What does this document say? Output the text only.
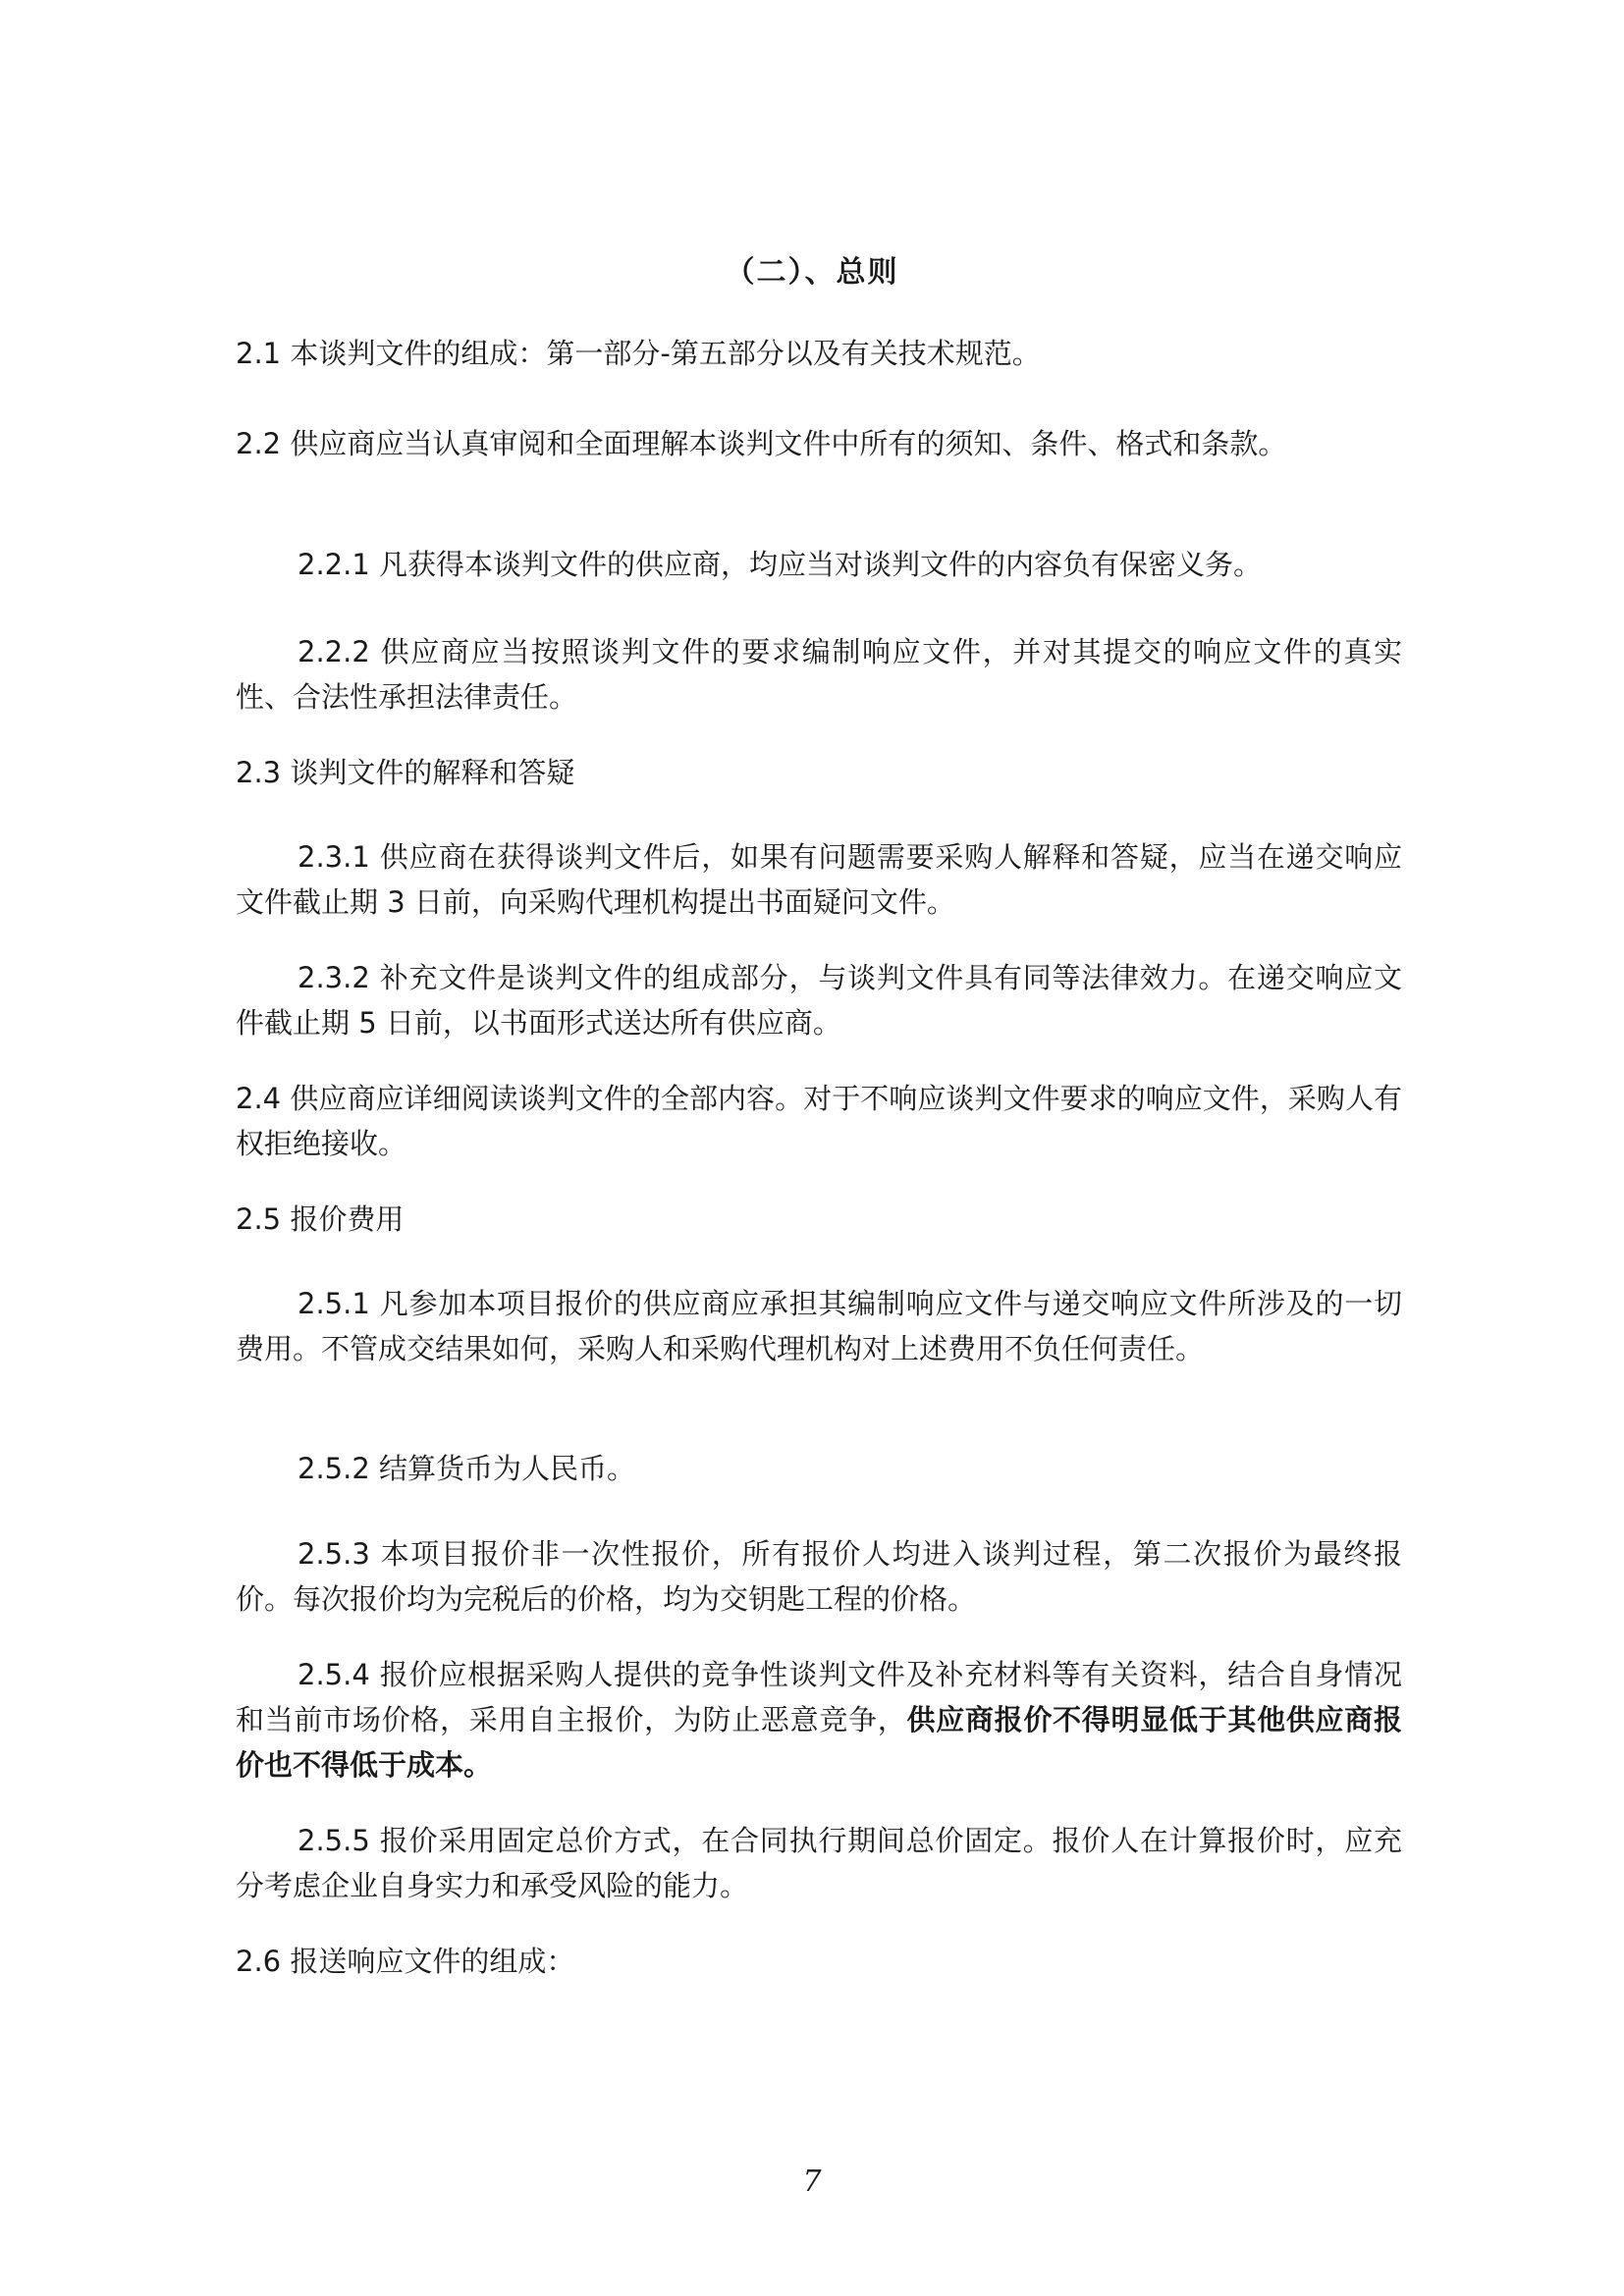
（二）、总则
2.1 本谈判文件的组成：第一部分-第五部分以及有关技术规范。
2.2 供应商应当认真审阅和全面理解本谈判文件中所有的须知、条件、格式和条款。
2.2.1 凡获得本谈判文件的供应商，均应当对谈判文件的内容负有保密义务。
2.2.2 供应商应当按照谈判文件的要求编制响应文件，并对其提交的响应文件的真实性、合法性承担法律责任。
2.3 谈判文件的解释和答疑
2.3.1 供应商在获得谈判文件后，如果有问题需要采购人解释和答疑，应当在递交响应文件截止期 3 日前，向采购代理机构提出书面疑问文件。
2.3.2 补充文件是谈判文件的组成部分，与谈判文件具有同等法律效力。在递交响应文件截止期 5 日前，以书面形式送达所有供应商。
2.4 供应商应详细阅读谈判文件的全部内容。对于不响应谈判文件要求的响应文件，采购人有权拒绝接收。
2.5 报价费用
2.5.1 凡参加本项目报价的供应商应承担其编制响应文件与递交响应文件所涉及的一切费用。不管成交结果如何，采购人和采购代理机构对上述费用不负任何责任。
2.5.2 结算货币为人民币。
2.5.3 本项目报价非一次性报价，所有报价人均进入谈判过程，第二次报价为最终报价。每次报价均为完税后的价格，均为交钥匙工程的价格。
2.5.4 报价应根据采购人提供的竞争性谈判文件及补充材料等有关资料，结合自身情况和当前市场价格，采用自主报价，为防止恶意竞争，供应商报价不得明显低于其他供应商报价也不得低于成本。
2.5.5 报价采用固定总价方式，在合同执行期间总价固定。报价人在计算报价时，应充分考虑企业自身实力和承受风险的能力。
2.6 报送响应文件的组成：
7
